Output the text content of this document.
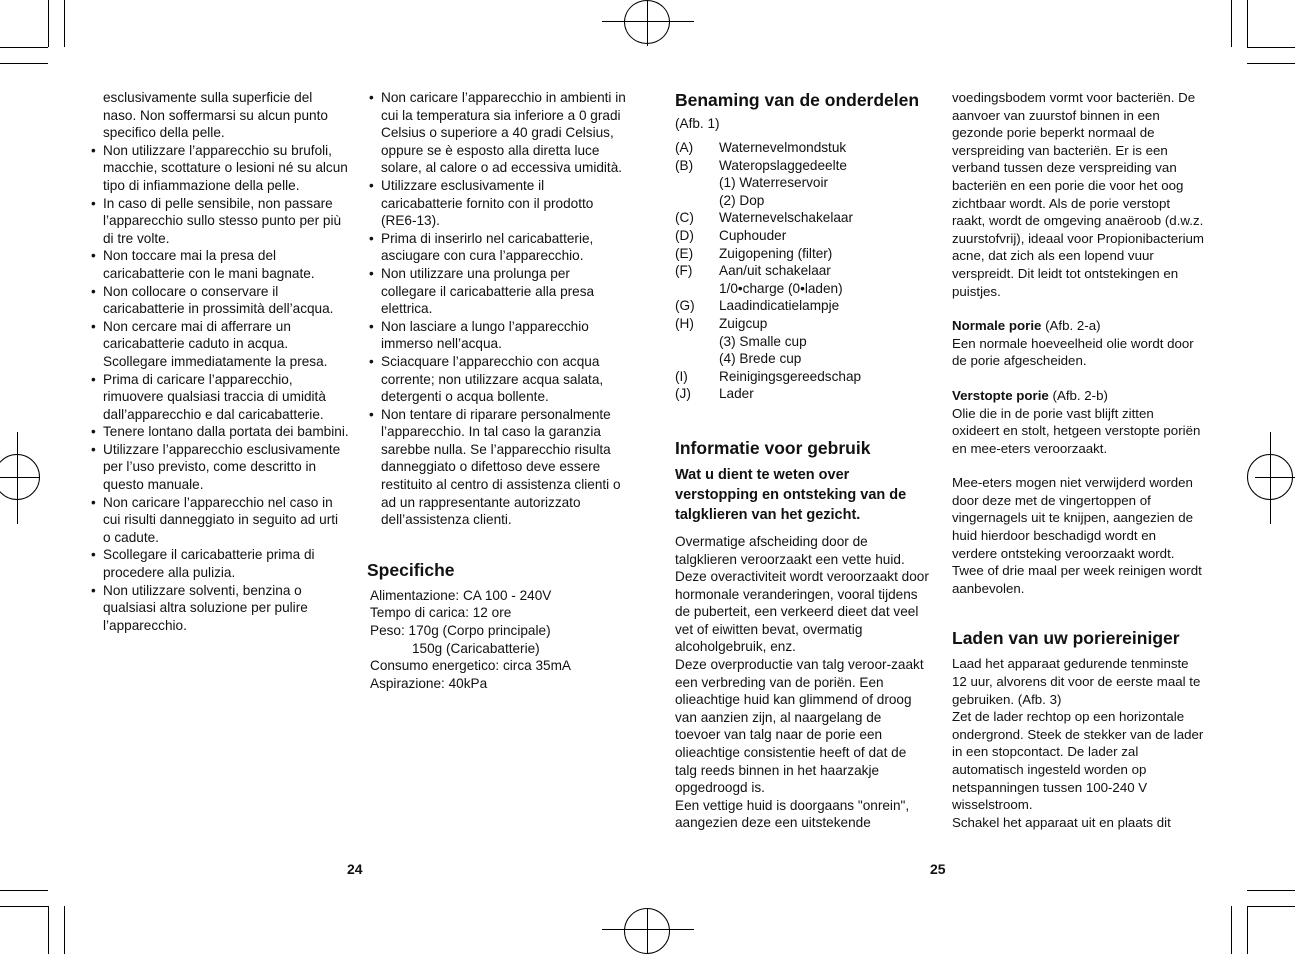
esclusivamente sulla superficie del naso. Non soffermarsi su alcun punto specifico della pelle.
• Non utilizzare l’apparecchio su brufoli, macchie, scottature o lesioni né su alcun tipo di infiammazione della pelle.
• In caso di pelle sensibile, non passare l’apparecchio sullo stesso punto per più di tre volte.
• Non toccare mai la presa del caricabatterie con le mani bagnate.
• Non collocare o conservare il caricabatterie in prossimità dell’acqua.
• Non cercare mai di afferrare un caricabatterie caduto in acqua. Scollegare immediatamente la presa.
• Prima di caricare l’apparecchio, rimuovere qualsiasi traccia di umidità dall’apparecchio e dal caricabatterie.
• Tenere lontano dalla portata dei bambini.
• Utilizzare l’apparecchio esclusivamente per l’uso previsto, come descritto in questo manuale.
• Non caricare l’apparecchio nel caso in cui risulti danneggiato in seguito ad urti o cadute.
• Scollegare il caricabatterie prima di procedere alla pulizia.
• Non utilizzare solventi, benzina o qualsiasi altra soluzione per pulire l’apparecchio.
• Non caricare l’apparecchio in ambienti in cui la temperatura sia inferiore a 0 gradi Celsius o superiore a 40 gradi Celsius, oppure se è esposto alla diretta luce solare, al calore o ad eccessiva umidità.
• Utilizzare esclusivamente il caricabatterie fornito con il prodotto (RE6-13).
• Prima di inserirlo nel caricabatterie, asciugare con cura l’apparecchio.
• Non utilizzare una prolunga per collegare il caricabatterie alla presa elettrica.
• Non lasciare a lungo l’apparecchio immerso nell’acqua.
• Sciacquare l’apparecchio con acqua corrente; non utilizzare acqua salata, detergenti o acqua bollente.
• Non tentare di riparare personalmente l’apparecchio. In tal caso la garanzia sarebbe nulla. Se l’apparecchio risulta danneggiato o difettoso deve essere restituito al centro di assistenza clienti o ad un rappresentante autorizzato dell’assistenza clienti.
Specifiche
Alimentazione: CA 100 - 240V
Tempo di carica: 12 ore
Peso: 170g (Corpo principale)
150g (Caricabatterie)
Consumo energetico: circa 35mA
Aspirazione: 40kPa
24
Benaming van de onderdelen (Afb. 1)
(A)	Waternevelmondstuk
(B)	Wateropslaggedeelte
(1) Waterreservoir
(2) Dop
(C)	Waternevelschakelaar
(D)	Cuphouder
(E)	Zuigopening (filter)
(F)	Aan/uit schakelaar
1/0•charge (0•laden)
(G)	Laadindicatielampje
(H)	Zuigcup
(3) Smalle cup
(4) Brede cup
(I)	Reinigingsgereedschap
(J)	Lader
Informatie voor gebruik
Wat u dient te weten over verstopping en ontsteking van de talgklieren van het gezicht.

Overmatige afscheiding door de talgklieren veroorzaakt een vette huid. Deze overactiviteit wordt veroorzaakt door hormonale veranderingen, vooral tijdens de puberteit, een verkeerd dieet dat veel vet of eiwitten bevat, overmatig alcoholgebruik, enz.

Deze overproductie van talg veroor-zaakt een verbreding van de poriën. Een olieachtige huid kan glimmend of droog van aanzien zijn, al naargelang de toevoer van talg naar de porie een olieachtige consistentie heeft of dat de talg reeds binnen in het haarzakje opgedroogd is.

Een vettige huid is doorgaans "onrein", aangezien deze een uitstekende

voedingsbodem vormt voor bacteriën. De aanvoer van zuurstof binnen in een gezonde porie beperkt normaal de verspreiding van bacteriën. Er is een verband tussen deze verspreiding van bacteriën en een porie die voor het oog zichtbaar wordt. Als de porie verstopt raakt, wordt de omgeving anaëroob (d.w.z. zuurstofvrij), ideaal voor Propionibacterium acne, dat zich als een lopend vuur verspreidt. Dit leidt tot ontstekingen en puistjes.

Normale porie (Afb. 2-a)

Een normale hoeveelheid olie wordt door de porie afgescheiden.

Verstopte porie (Afb. 2-b)

Olie die in de porie vast blijft zitten oxideert en stolt, hetgeen verstopte poriën en mee-eters veroorzaakt.

Mee-eters mogen niet verwijderd worden door deze met de vingertoppen of vingernagels uit te knijpen, aangezien de huid hierdoor beschadigd wordt en verdere ontsteking veroorzaakt wordt. Twee of drie maal per week reinigen wordt aanbevolen.

Laden van uw poriereiniger

Laad het apparaat gedurende tenminste 12 uur, alvorens dit voor de eerste maal te gebruiken. (Afb. 3)

Zet de lader rechtop op een horizontale ondergrond. Steek de stekker van de lader in een stopcontact. De lader zal automatisch ingesteld worden op netspanningen tussen 100-240 V wisselstroom.

Schakel het apparaat uit en plaats dit

25
